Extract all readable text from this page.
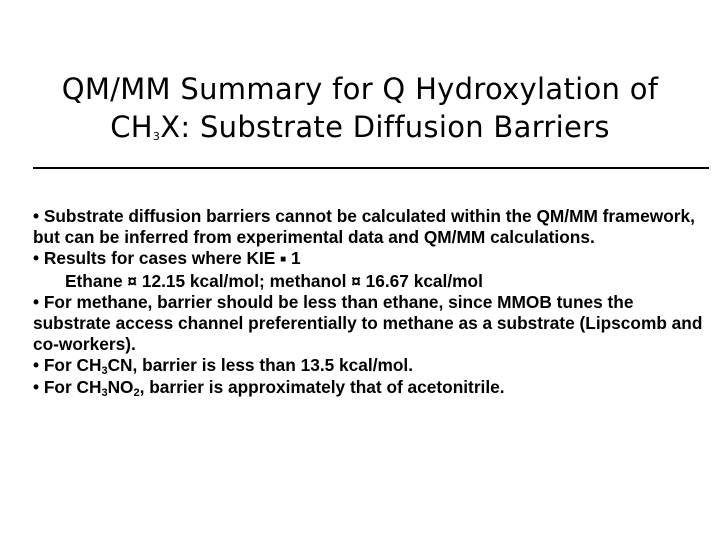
QM/MM Summary for Q Hydroxylation of
$CH_3X$: Substrate Diffusion Barriers

• Substrate diffusion barriers cannot be calculated within the QM/MM framework, but can be inferred from experimental data and QM/MM calculations.

• Results for cases where KIE ■ 1

Ethane ¤ 12.15 kcal/mol; methanol ¤ 16.67 kcal/mol

• For methane, barrier should be less than ethane, since MMOB tunes the substrate access channel preferentially to methane as a substrate (Lipscomb and co-workers).

• For $CH_3CN$, barrier is less than 13.5 kcal/mol.

• For $CH_3NO_2$, barrier is approximately that of acetonitrile.
